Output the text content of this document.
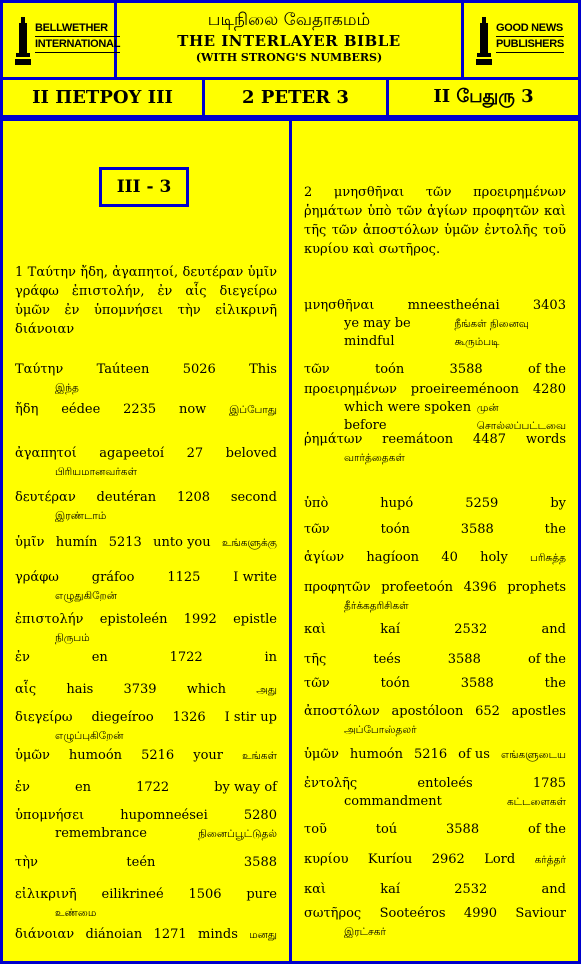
BELLWETHER
INTERNATIONAL
படிநிலை வேதாகமம்
THE INTERLAYER BIBLE
(WITH STRONG'S NUMBERS)
GOOD NEWS
PUBLISHERS
II ΠΕΤΡΟΥ III	2 PETER 3	II பேதுரு 3
III - 3
1 Ταύτην ἤδη, ἀγαπητοί, δευτέραν ὑμῖν γράφω ἐπιστολήν, ἐν αἷς διεγείρω ὑμῶν ἐν ὑπομνήσει τὴν εἰλικρινῆ διάνοιαν
Ταύτην	Taúteen	5026	This
இந்த
ἤδη eédee 2235 now இப்போது
ἀγαπητοί agapeetoí 27 beloved
பிரியமானவர்கள்
δευτέραν deutéran 1208 second
இரண்டாம்
ὑμῖν humín 5213 unto you உங்களுக்கு
γράφω	gráfoo	1125	I write
எழுதுகிறேன்
ἐπιστολήν epistoleén 1992 epistle
நிருபம்
ἐν	en	1722	in
αἷς hais 3739 which	அது
διεγείρω diegeíroo 1326 I stir up
எழுப்புகிறேன்
ὑμῶν humoón 5216 your உங்கள்
ἐν	en	1722	by way of
ὑπομνήσει	hupomneései	5280
remembrance	நினைப்பூட்டுதல்
τὴν	teén	3588
εἰλικρινῆ eilikrineé 1506 pure
உண்மை
διάνοιαν diánoian 1271 minds மனது
2 μνησθῆναι τῶν προειρημένων ῥημάτων ὑπὸ τῶν ἁγίων προφητῶν καὶ τῆς τῶν ἀποστόλων ὑμῶν ἐντολῆς τοῦ κυρίου καὶ σωτῆρος.
μνησθῆναι	mneestheénai	3403
ye may be mindful
நீங்கள் நினைவு கூரும்படி
τῶν	toón	3588	of the
προειρημένων proeireeménoon 4280
which were spoken before
முன் சொல்லப்பட்டவை
ῥημάτων reemátoon 4487 words
வார்த்தைகள்
ὑπὸ	hupó	5259	by
τῶν	toón	3588	the
ἁγίων hagíoon 40 holy பரிசுத்த
προφητῶν profeetoón 4396 prophets
தீர்க்கதரிசிகள்
καὶ	kaí	2532	and
τῆς	teés	3588	of the
τῶν	toón	3588	the
ἀποστόλων apostóloon 652 apostles
அப்போஸ்தலர்
ὑμῶν humoón 5216 of us எங்களுடைய
ἐντολῆς	entoleés	1785
commandment	கட்டளைகள்
τοῦ	toú	3588	of the
κυρίου Kuríou 2962 Lord கர்த்தர்
καὶ	kaí	2532	and
σωτῆρος Sooteéros 4990 Saviour
இரட்சகர்
